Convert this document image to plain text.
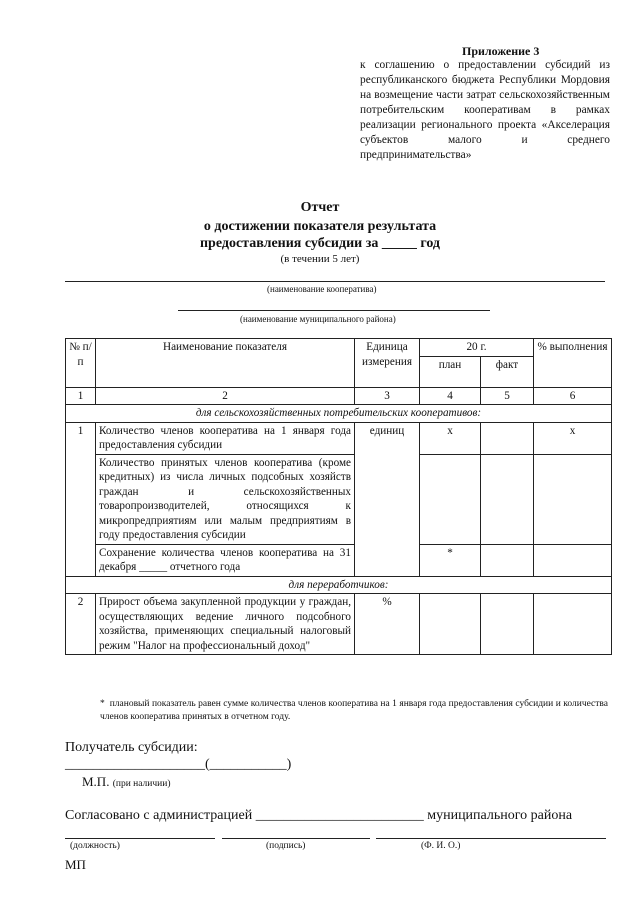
Приложение 3
к соглашению о предоставлении субсидий из республиканского бюджета Республики Мордовия на возмещение части затрат сельскохозяйственным потребительским кооперативам в рамках реализации регионального проекта «Акселерация субъектов малого и среднего предпринимательства»
Отчет
о достижении показателя результата
предоставления субсидии за _____ год
(в течении 5 лет)
(наименование кооператива)
(наименование муниципального района)
№ п/п	Наименование показателя	Единица измерения	20 г.		% выполнения
			план	факт	
1	2	3	4	5	6
для сельскохозяйственных потребительских кооперативов:					
1	Количество членов кооператива на 1 января года предоставления субсидии	единиц	х		х
	Количество принятых членов кооператива (кроме кредитных) из числа личных подсобных хозяйств граждан и сельскохозяйственных товаропроизводителей, относящихся к микропредприятиям или малым предприятиям в году предоставления субсидии				
	Сохранение количества членов кооператива на 31 декабря _____ отчетного года		*		
для переработчиков:					
2	Прирост объема закупленной продукции у граждан, осуществляющих ведение личного подсобного хозяйства, применяющих специальный налоговый режим "Налог на профессиональный доход"	%			
* плановый показатель равен сумме количества членов кооператива на 1 января года предоставления субсидии и количества членов кооператива принятых в отчетном году.
Получатель субсидии:
____________________(___________)
М.П. (при наличии)
Согласовано с администрацией ________________________ муниципального района
(должность)	(подпись)	(Ф. И. О.)
МП
